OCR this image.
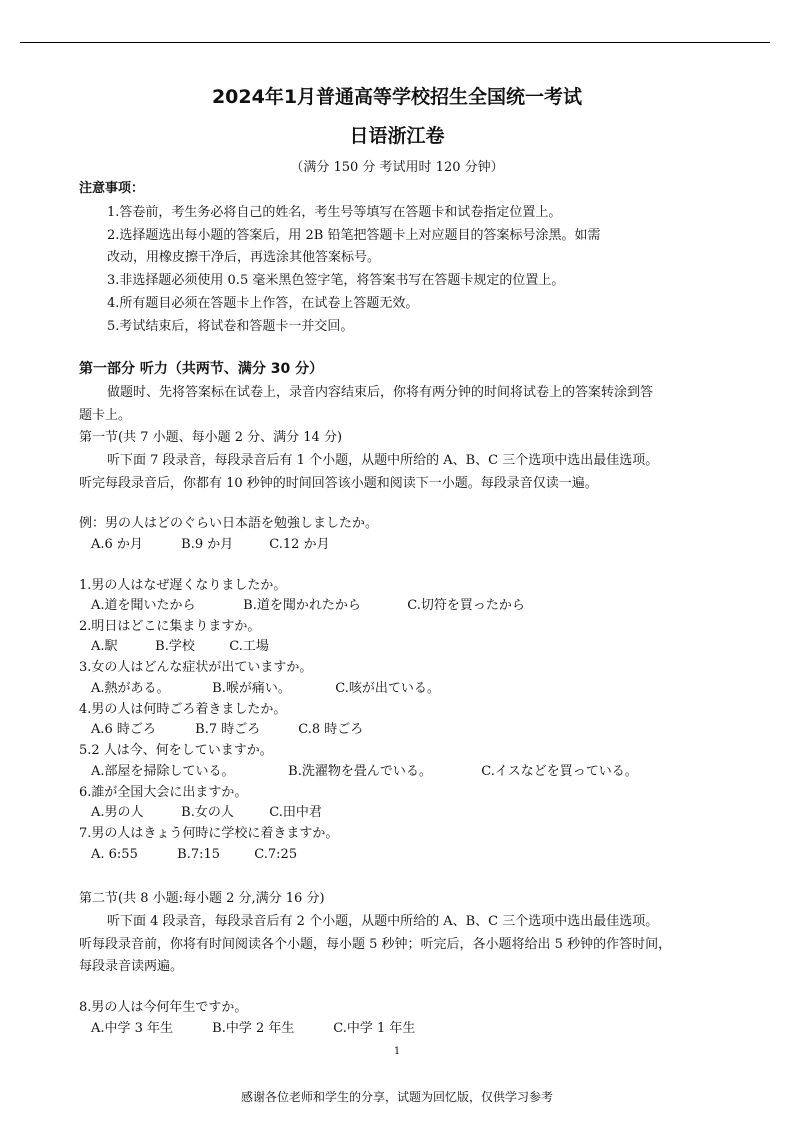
2024年1月普通高等学校招生全国统一考试
日语浙江卷
（满分 150 分 考试用时 120 分钟）
注意事项：
1.答卷前，考生务必将自己的姓名，考生号等填写在答题卡和试卷指定位置上。
2.选择题选出每小题的答案后，用 2B 铅笔把答题卡上对应题目的答案标号涂黑。如需
改动，用橡皮擦干净后，再选涂其他答案标号。
3.非选择题必须使用 0.5 毫米黑色签字笔，将答案书写在答题卡规定的位置上。
4.所有题目必须在答题卡上作答，在试卷上答题无效。
5.考试结束后，将试卷和答题卡一并交回。
第一部分 听力（共两节、满分 30 分）
做题时、先将答案标在试卷上，录音内容结束后，你将有两分钟的时间将试卷上的答案转涂到答
题卡上。
第一节(共 7 小题、每小题 2 分、满分 14 分)
听下面 7 段录音，每段录音后有 1 个小题，从题中所给的 A、B、C 三个选项中选出最佳选项。
听完每段录音后，你都有 10 秒钟的时间回答该小题和阅读下一小题。每段录音仅读一遍。
例：男の人はどのぐらい日本語を勉強しましたか。
A.6 か月	B.9 か月	C.12 か月
1.男の人はなぜ遅くなりましたか。
A.道を聞いたから	B.道を聞かれたから	C.切符を買ったから
2.明日はどこに集まりますか。
A.駅	B.学校	C.工場
3.女の人はどんな症状が出ていますか。
A.熱がある。	B.喉が痛い。	C.咳が出ている。
4.男の人は何時ごろ着きましたか。
A.6 時ごろ	B.7 時ごろ	C.8 時ごろ
5.2 人は今、何をしていますか。
A.部屋を掃除している。	B.洗濯物を畳んでいる。	C.イスなどを買っている。
6.誰が全国大会に出ますか。
A.男の人	B.女の人	C.田中君
7.男の人はきょう何時に学校に着きますか。
A. 6:55	B.7:15	C.7:25
第二节(共 8 小题:每小题 2 分,满分 16 分)
听下面 4 段录音，每段录音后有 2 个小题，从题中所给的 A、B、C 三个选项中选出最佳选项。
听每段录音前，你将有时间阅读各个小题，每小题 5 秒钟；听完后，各小题将给出 5 秒钟的作答时间，
每段录音读两遍。
8.男の人は今何年生ですか。
A.中学 3 年生	B.中学 2 年生	C.中学 1 年生
1
感谢各位老师和学生的分享，试题为回忆版，仅供学习参考
